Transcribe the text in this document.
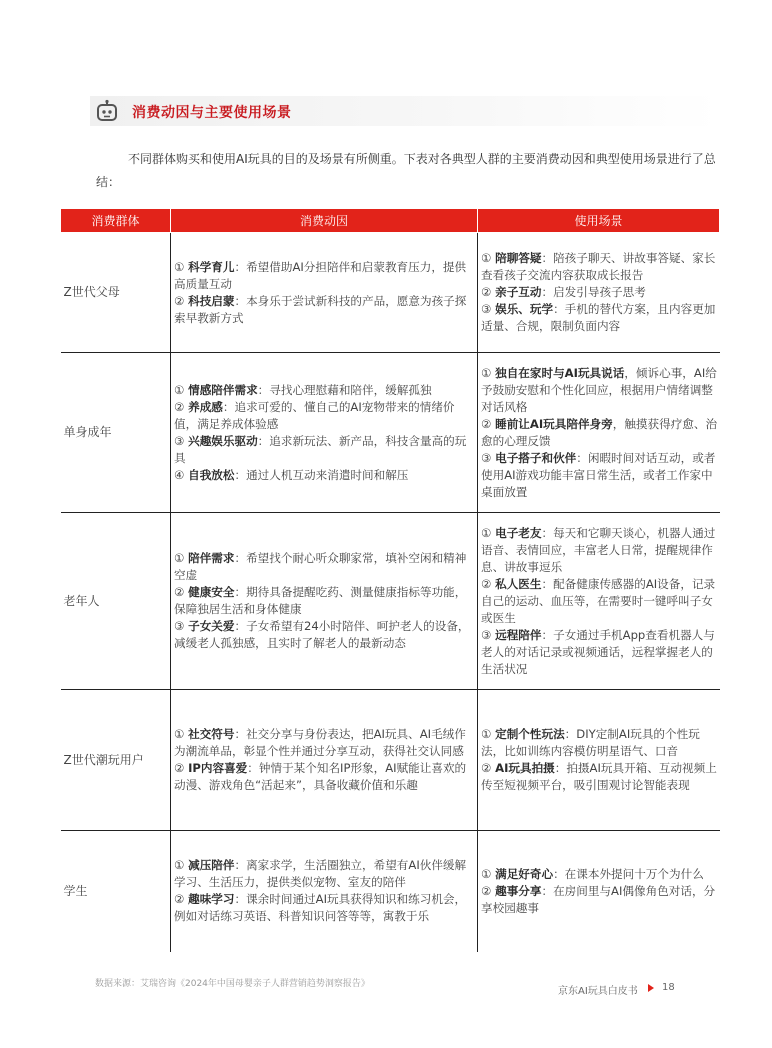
消费动因与主要使用场景

不同群体购买和使用AI玩具的目的及场景有所侧重。下表对各典型人群的主要消费动因和典型使用场景进行了总结：

消费群体	消费动因	使用场景
Z世代父母	① 科学育儿：希望借助AI分担陪伴和启蒙教育压力，提供高质量互动
② 科技启蒙：本身乐于尝试新科技的产品，愿意为孩子探索早教新方式	① 陪聊答疑：陪孩子聊天、讲故事答疑、家长查看孩子交流内容获取成长报告
② 亲子互动：启发引导孩子思考
③ 娱乐、玩学：手机的替代方案，且内容更加适量、合规，限制负面内容

单身成年	① 情感陪伴需求：寻找心理慰藉和陪伴，缓解孤独
② 养成感：追求可爱的、懂自己的AI宠物带来的情绪价值，满足养成体验感
③ 兴趣娱乐驱动：追求新玩法、新产品，科技含量高的玩具
④ 自我放松：通过人机互动来消遣时间和解压	① 独自在家时与AI玩具说话，倾诉心事，AI给予鼓励安慰和个性化回应，根据用户情绪调整对话风格
② 睡前让AI玩具陪伴身旁，触摸获得疗愈、治愈的心理反馈
③ 电子搭子和伙伴：闲暇时间对话互动，或者使用AI游戏功能丰富日常生活，或者工作家中桌面放置

老年人	① 陪伴需求：希望找个耐心听众聊家常，填补空闲和精神空虚
② 健康安全：期待具备提醒吃药、测量健康指标等功能，保障独居生活和身体健康
③ 子女关爱：子女希望有24小时陪伴、呵护老人的设备，减缓老人孤独感，且实时了解老人的最新动态	① 电子老友：每天和它聊天谈心，机器人通过语音、表情回应，丰富老人日常，提醒规律作息、讲故事逗乐
② 私人医生：配备健康传感器的AI设备，记录自己的运动、血压等，在需要时一键呼叫子女或医生
③ 远程陪伴：子女通过手机App查看机器人与老人的对话记录或视频通话，远程掌握老人的生活状况

Z世代潮玩用户	① 社交符号：社交分享与身份表达，把AI玩具、AI毛绒作为潮流单品，彰显个性并通过分享互动，获得社交认同感
② IP内容喜爱：钟情于某个知名IP形象，AI赋能让喜欢的动漫、游戏角色“活起来”，具备收藏价值和乐趣	① 定制个性玩法：DIY定制AI玩具的个性玩法，比如训练内容模仿明星语气、口音
② AI玩具拍摄：拍摄AI玩具开箱、互动视频上传至短视频平台，吸引围观讨论智能表现

学生	① 减压陪伴：离家求学，生活圈独立，希望有AI伙伴缓解学习、生活压力，提供类似宠物、室友的陪伴
② 趣味学习：课余时间通过AI玩具获得知识和练习机会，例如对话练习英语、科普知识问答等等，寓教于乐	① 满足好奇心：在课本外提问十万个为什么
② 趣事分享：在房间里与AI偶像角色对话，分享校园趣事
数据来源：艾瑞咨询《2024年中国母婴亲子人群营销趋势洞察报告》
京东AI玩具白皮书 18
